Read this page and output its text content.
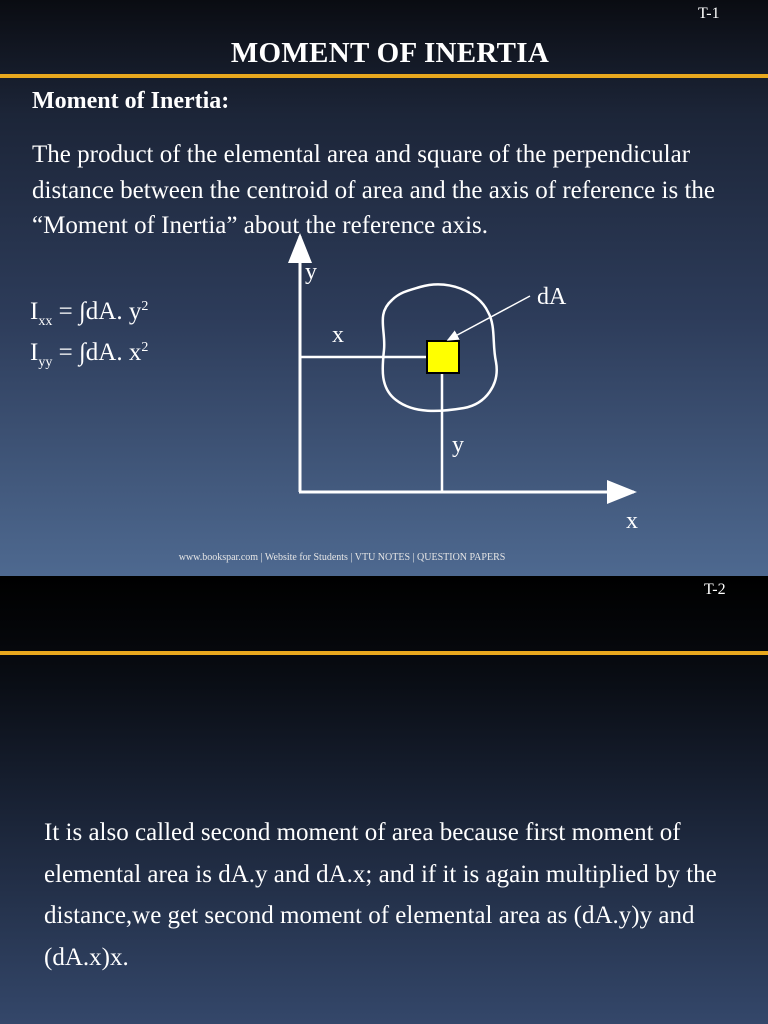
T-1
MOMENT OF INERTIA
Moment of Inertia:
The product of the elemental area and square of the perpendicular distance between the centroid of area and the axis of reference is the “Moment of Inertia” about the reference axis.
$I_{xx} = \int dA$. $y^2$
$I_{yy} = \int dA$. $x^2$
y
dA
x
y
x
www.bookspar.com | Website for Students | VTU NOTES | QUESTION PAPERS
T-2
It is also called second moment of area because first moment of elemental area is dA.y and dA.x; and if it is again multiplied by the distance,we get second moment of elemental area as (dA.y)y and (dA.x)x.
